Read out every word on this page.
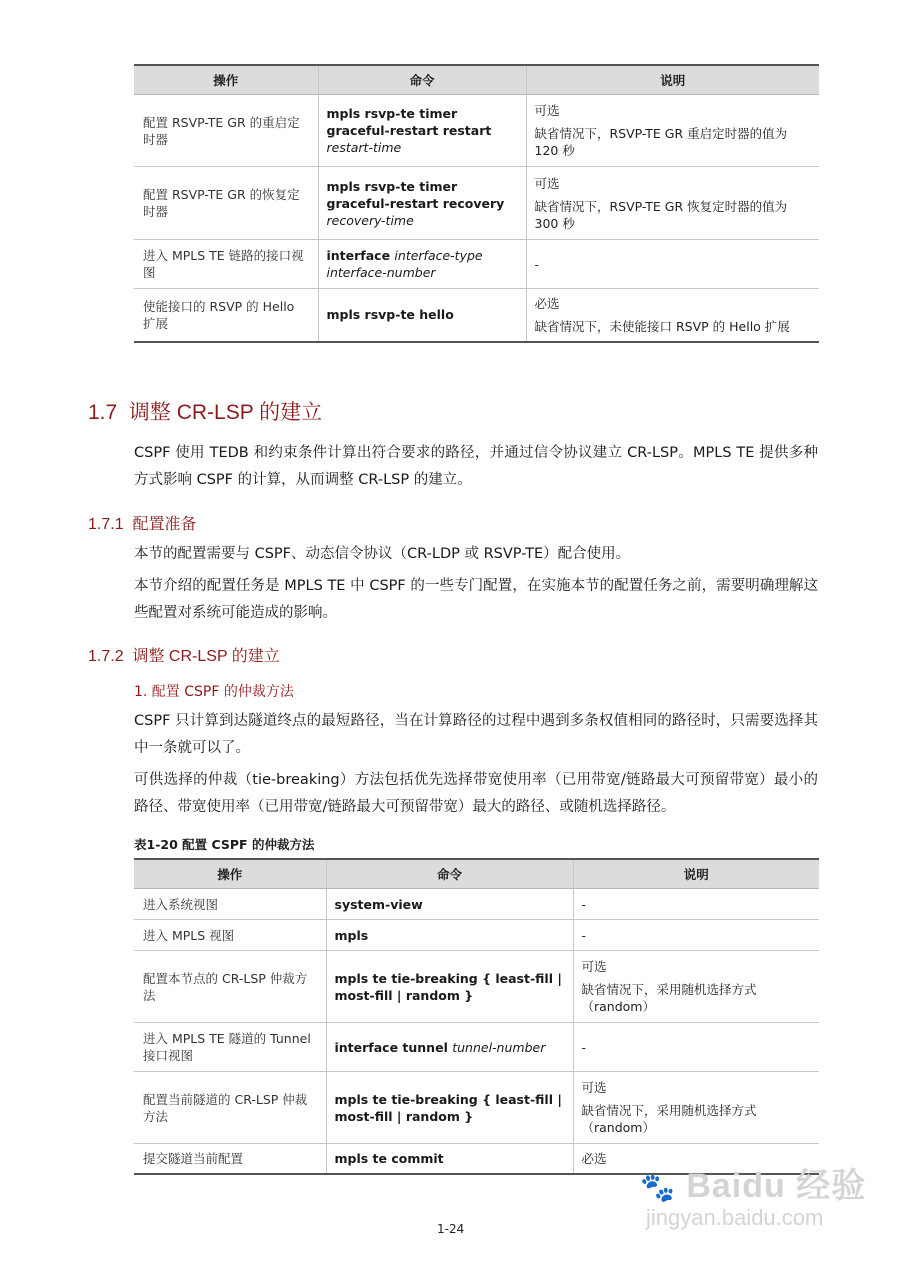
操作	命令	说明
配置 RSVP-TE GR 的重启定时器	mpls rsvp-te timer graceful-restart restart restart-time	可选
缺省情况下，RSVP-TE GR 重启定时器的值为 120 秒
配置 RSVP-TE GR 的恢复定时器	mpls rsvp-te timer graceful-restart recovery recovery-time	可选
缺省情况下，RSVP-TE GR 恢复定时器的值为 300 秒
进入 MPLS TE 链路的接口视图	interface interface-type interface-number	-
使能接口的 RSVP 的 Hello 扩展	mpls rsvp-te hello	必选
缺省情况下，未使能接口 RSVP 的 Hello 扩展
1.7 调整 CR-LSP 的建立

CSPF 使用 TEDB 和约束条件计算出符合要求的路径，并通过信令协议建立 CR-LSP。MPLS TE 提供多种方式影响 CSPF 的计算，从而调整 CR-LSP 的建立。

1.7.1 配置准备

本节的配置需要与 CSPF、动态信令协议（CR-LDP 或 RSVP-TE）配合使用。

本节介绍的配置任务是 MPLS TE 中 CSPF 的一些专门配置，在实施本节的配置任务之前，需要明确理解这些配置对系统可能造成的影响。

1.7.2 调整 CR-LSP 的建立
1. 配置 CSPF 的仲裁方法

CSPF 只计算到达隧道终点的最短路径，当在计算路径的过程中遇到多条权值相同的路径时，只需要选择其中一条就可以了。

可供选择的仲裁（tie-breaking）方法包括优先选择带宽使用率（已用带宽/链路最大可预留带宽）最小的路径、带宽使用率（已用带宽/链路最大可预留带宽）最大的路径、或随机选择路径。

表1-20 配置 CSPF 的仲裁方法
操作	命令	说明
进入系统视图	system-view	-
进入 MPLS 视图	mpls	-
配置本节点的 CR-LSP 仲裁方法	mpls te tie-breaking { least-fill | most-fill | random }	可选
缺省情况下，采用随机选择方式（random）
进入 MPLS TE 隧道的 Tunnel 接口视图	interface tunnel tunnel-number	-
配置当前隧道的 CR-LSP 仲裁方法	mpls te tie-breaking { least-fill | most-fill | random }	可选
缺省情况下，采用随机选择方式（random）
提交隧道当前配置	mpls te commit	必选
1-24
🐾 Baidu 经验
jingyan.baidu.com
